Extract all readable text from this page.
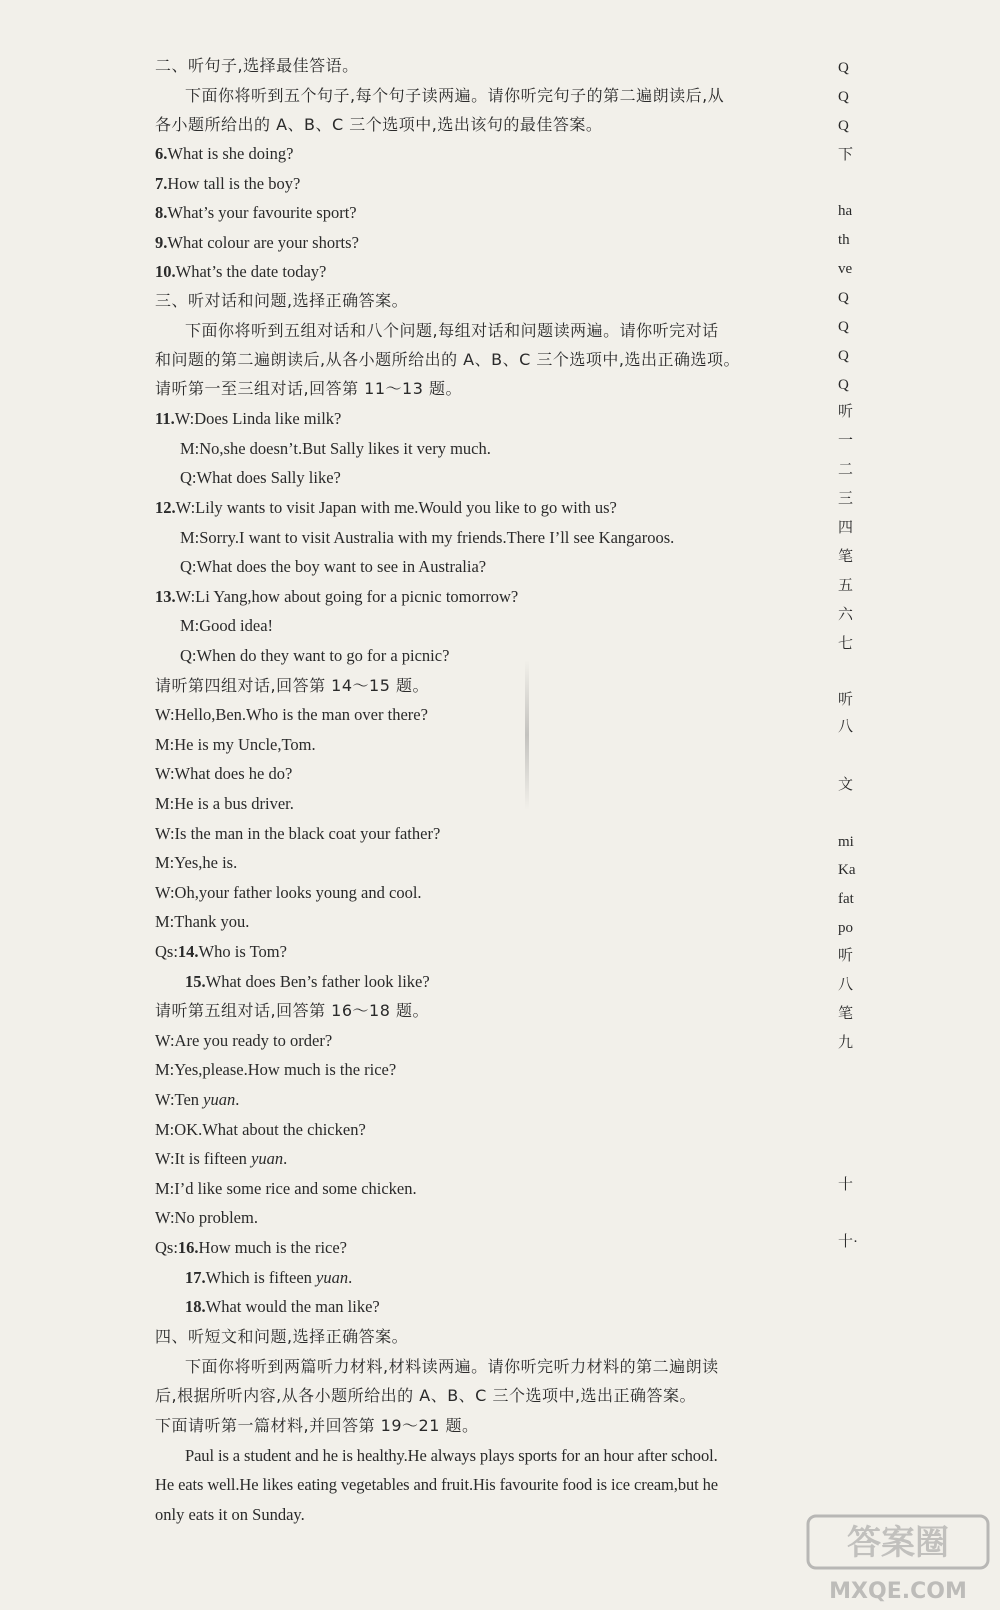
二、听句子,选择最佳答语。
下面你将听到五个句子,每个句子读两遍。请你听完句子的第二遍朗读后,从
各小题所给出的 A、B、C 三个选项中,选出该句的最佳答案。
6.What is she doing?
7.How tall is the boy?
8.What’s your favourite sport?
9.What colour are your shorts?
10.What’s the date today?
三、听对话和问题,选择正确答案。
下面你将听到五组对话和八个问题,每组对话和问题读两遍。请你听完对话
和问题的第二遍朗读后,从各小题所给出的 A、B、C 三个选项中,选出正确选项。
请听第一至三组对话,回答第 11～13 题。
11.W:Does Linda like milk?
M:No,she doesn’t.But Sally likes it very much.
Q:What does Sally like?
12.W:Lily wants to visit Japan with me.Would you like to go with us?
M:Sorry.I want to visit Australia with my friends.There I’ll see Kangaroos.
Q:What does the boy want to see in Australia?
13.W:Li Yang,how about going for a picnic tomorrow?
M:Good idea!
Q:When do they want to go for a picnic?
请听第四组对话,回答第 14～15 题。
W:Hello,Ben.Who is the man over there?
M:He is my Uncle,Tom.
W:What does he do?
M:He is a bus driver.
W:Is the man in the black coat your father?
M:Yes,he is.
W:Oh,your father looks young and cool.
M:Thank you.
Qs:14.Who is Tom?
15.What does Ben’s father look like?
请听第五组对话,回答第 16～18 题。
W:Are you ready to order?
M:Yes,please.How much is the rice?
W:Ten yuan.
M:OK.What about the chicken?
W:It is fifteen yuan.
M:I’d like some rice and some chicken.
W:No problem.
Qs:16.How much is the rice?
17.Which is fifteen yuan.
18.What would the man like?
四、听短文和问题,选择正确答案。
下面你将听到两篇听力材料,材料读两遍。请你听完听力材料的第二遍朗读
后,根据所听内容,从各小题所给出的 A、B、C 三个选项中,选出正确答案。
下面请听第一篇材料,并回答第 19～21 题。
Paul is a student and he is healthy.He always plays sports for an hour after school.
He eats well.He likes eating vegetables and fruit.His favourite food is ice cream,but he
only eats it on Sunday.
Q
Q
Q
下
ha
th
ve
Q
Q
Q
Q
听
一
二
三
四
笔
五
六
七
听
八
文
mi
Ka
fat
po
听
八
笔
九
十
十·
答案圈
MXQE.COM
